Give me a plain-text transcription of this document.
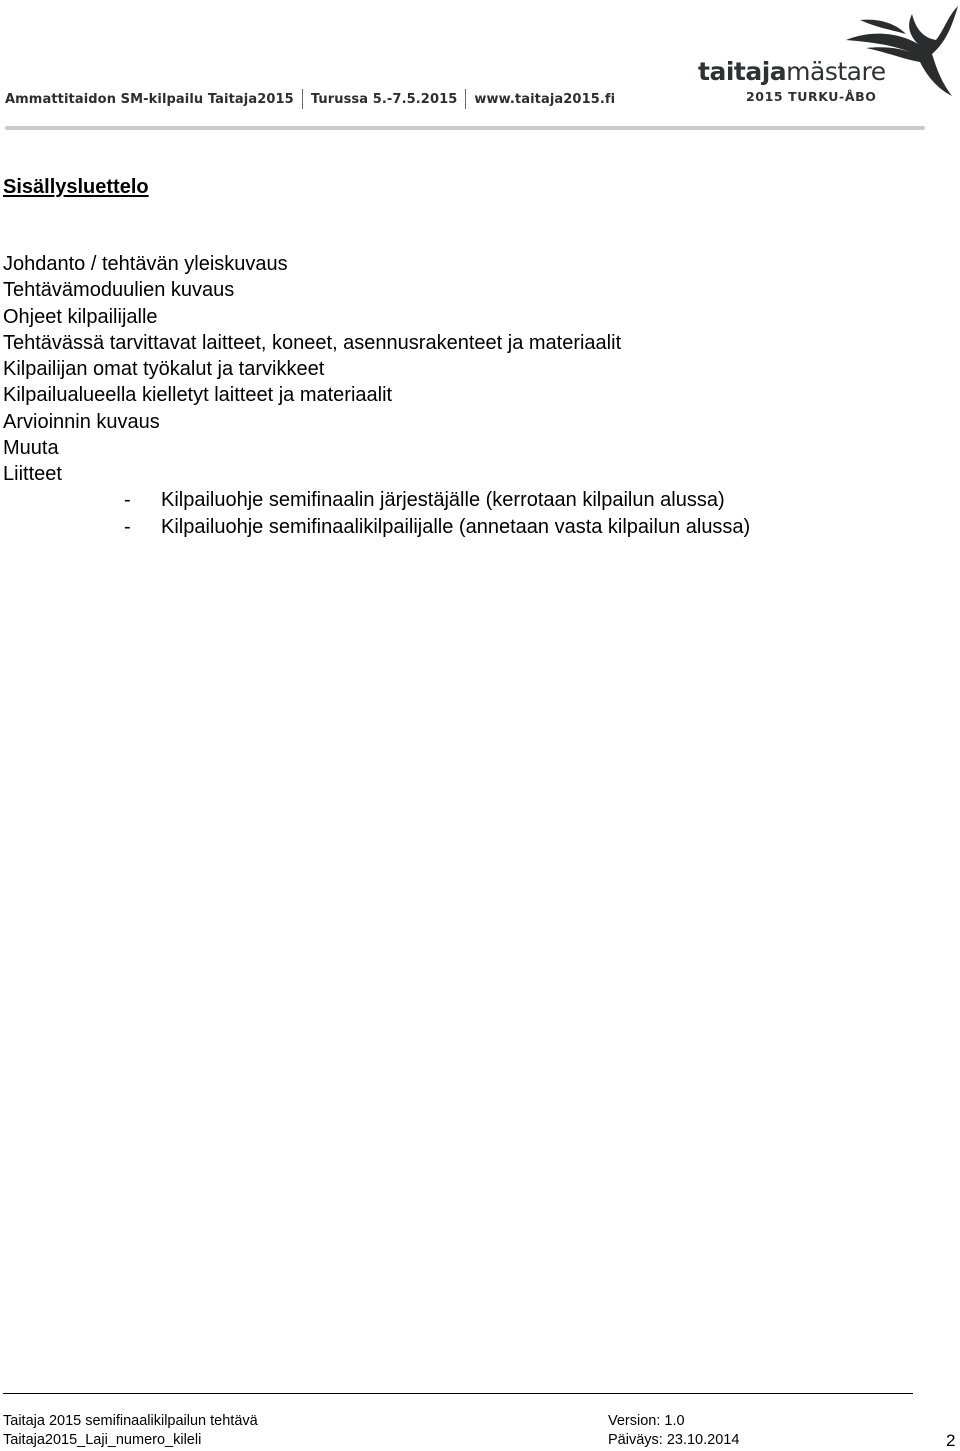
Ammattitaidon SM-kilpailu Taitaja2015 Turussa 5.-7.5.2015 www.taitaja2015.fi
taitajamästare
2015 TURKU-ÅBO
Sisällysluettelo
Johdanto / tehtävän yleiskuvaus
Tehtävämoduulien kuvaus
Ohjeet kilpailijalle
Tehtävässä tarvittavat laitteet, koneet, asennusrakenteet ja materiaalit
Kilpailijan omat työkalut ja tarvikkeet
Kilpailualueella kielletyt laitteet ja materiaalit
Arvioinnin kuvaus
Muuta
Liitteet
-	Kilpailuohje semifinaalin järjestäjälle (kerrotaan kilpailun alussa)
-	Kilpailuohje semifinaalikilpailijalle (annetaan vasta kilpailun alussa)
Taitaja 2015 semifinaalikilpailun tehtävä
Taitaja2015_Laji_numero_kileli
Version: 1.0
Päiväys: 23.10.2014	2
